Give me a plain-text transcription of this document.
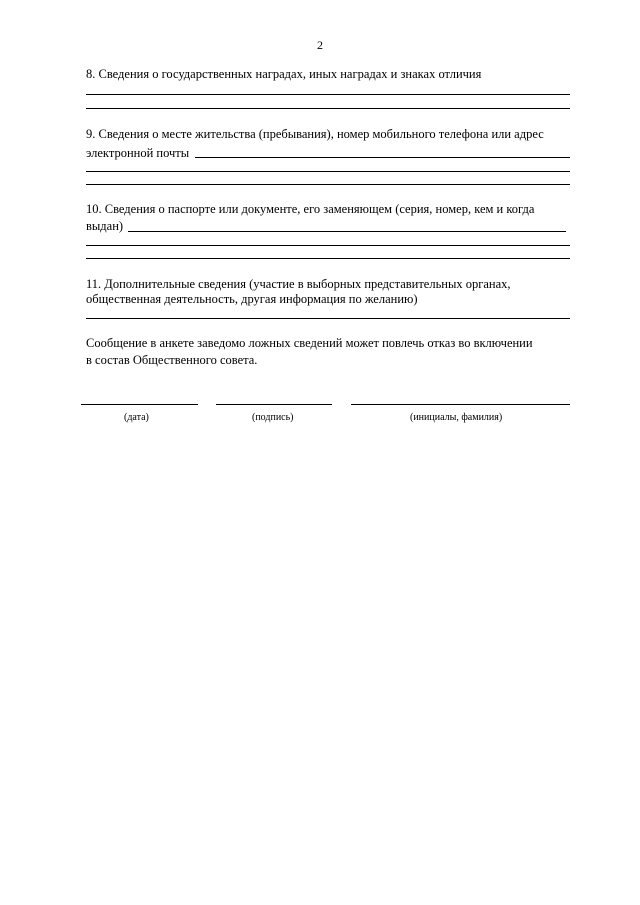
2
8. Сведения о государственных наградах, иных наградах и знаках отличия
9. Сведения о месте жительства (пребывания), номер мобильного телефона или адрес
электронной почты
10. Сведения о паспорте или документе, его заменяющем (серия, номер, кем и когда
выдан)
11. Дополнительные сведения (участие в выборных представительных органах,
общественная деятельность, другая информация по желанию)
Сообщение в анкете заведомо ложных сведений может повлечь отказ во включении
в состав Общественного совета.
(дата)	(подпись)	(инициалы, фамилия)
